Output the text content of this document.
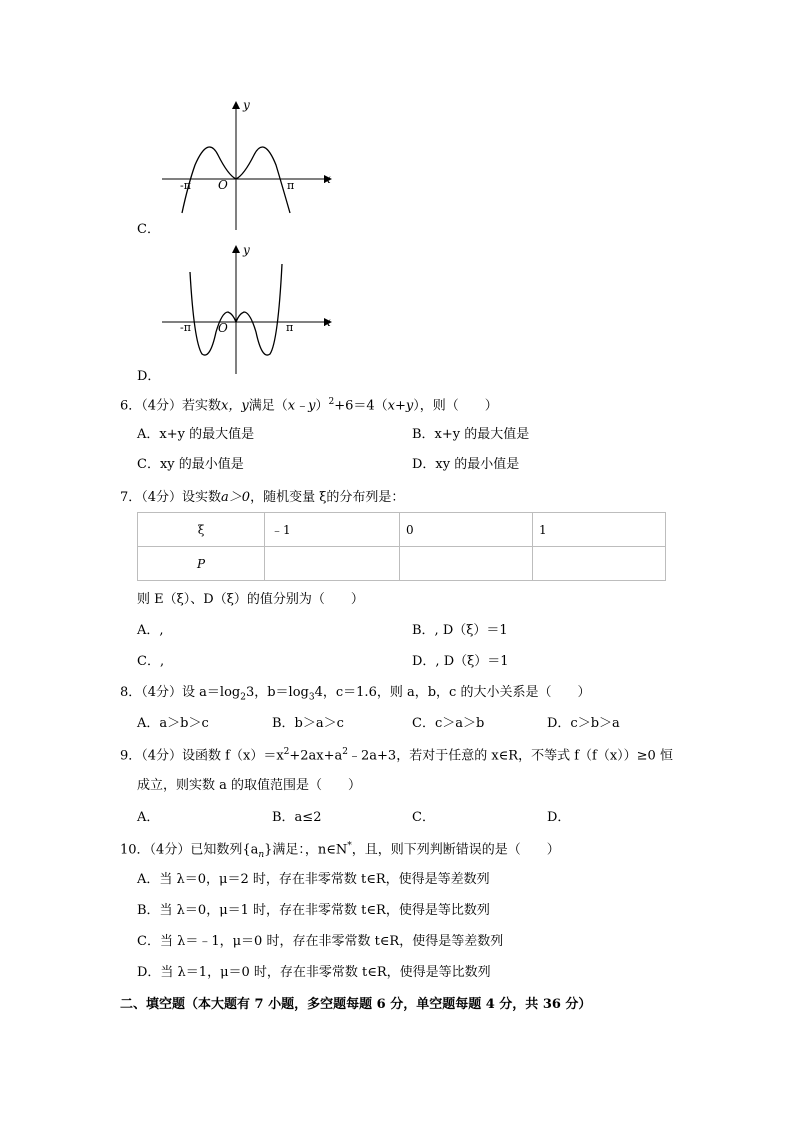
y
x
O
-π	π
C．
y
x
O
-π	π
D．
6．（4分）若实数x，y满足（x﹣y）$^2$+6＝4（x+y），则（　　）
A．x+y 的最大值是	B．x+y 的最大值是
C．xy 的最小值是	D．xy 的最小值是
7．（4分）设实数a＞0，随机变量 ξ的分布列是：
ξ	﹣1	0	1
P			
则 E（ξ）、D（ξ）的值分别为（　　）
A．,	B．, D（ξ）＝1
C．,	D．, D（ξ）＝1
8．（4分）设 $a=\log_23$，$b=\log_34$，c＝1.6，则 a，b，c 的大小关系是（　　）
A．a＞b＞c	B．b＞a＞c	C．c＞a＞b	D．c＞b＞a
9．（4分）设函数 $f(x)=x^2+2ax+a^2﹣2a+3$，若对于任意的 x∈R，不等式 f（f（x））≥0 恒
成立，则实数 a 的取值范围是（　　）
A．	B．a≤2	C．	D．
10．（4分）已知数列$\{a_n\}$满足：，n∈N*，且，则下列判断错误的是（　　）
A．当 λ＝0，μ＝2 时，存在非零常数 t∈R，使得是等差数列
B．当 λ＝0，μ＝1 时，存在非零常数 t∈R，使得是等比数列
C．当 λ＝﹣1，μ＝0 时，存在非零常数 t∈R，使得是等差数列
D．当 λ＝1，μ＝0 时，存在非零常数 t∈R，使得是等比数列
二、填空题（本大题有 7 小题，多空题每题 6 分，单空题每题 4 分，共 36 分）
